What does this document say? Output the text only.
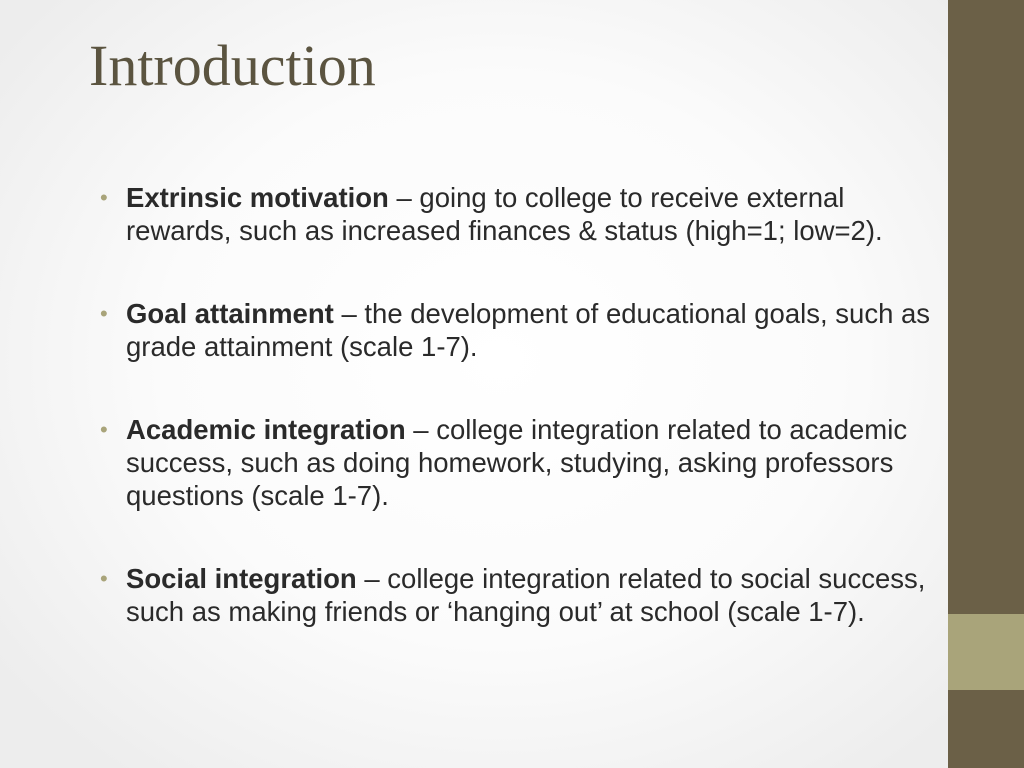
Introduction
• Extrinsic motivation – going to college to receive external rewards, such as increased finances & status (high=1; low=2).
• Goal attainment – the development of educational goals, such as grade attainment (scale 1-7).
• Academic integration – college integration related to academic success, such as doing homework, studying, asking professors questions (scale 1-7).
• Social integration – college integration related to social success, such as making friends or ‘hanging out’ at school (scale 1-7).
